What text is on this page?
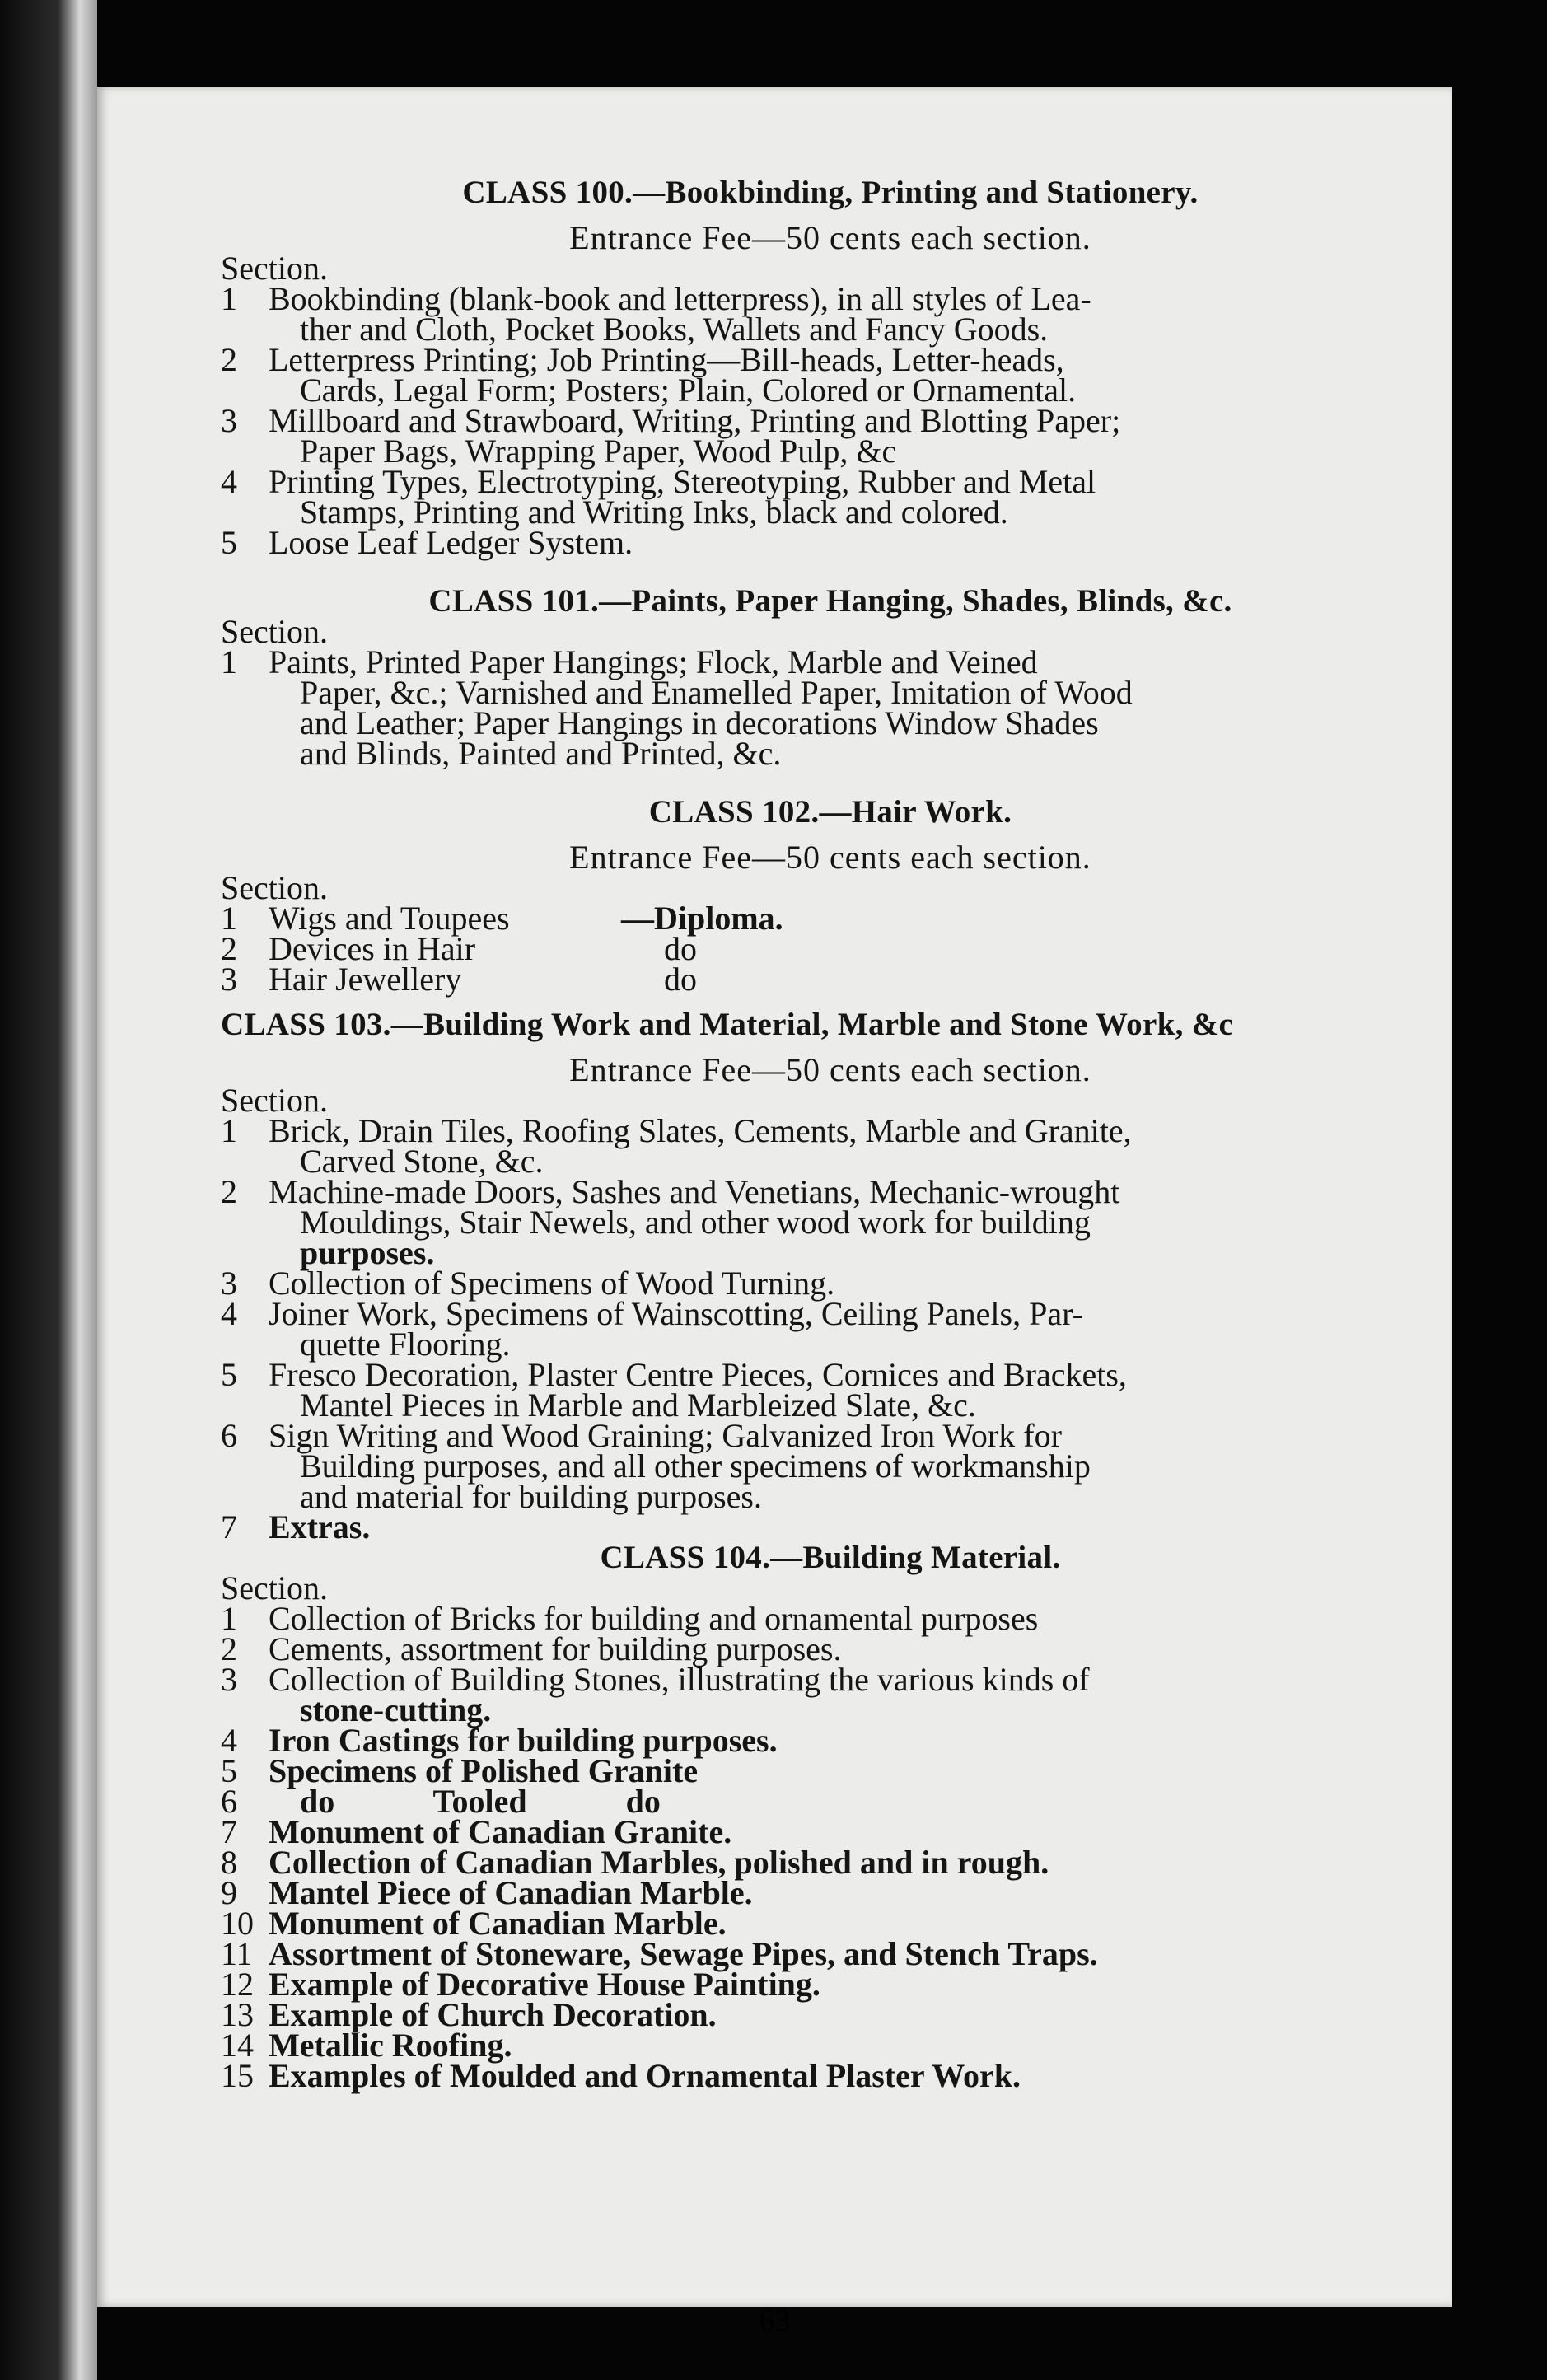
CLASS 100.—Bookbinding, Printing and Stationery.
Entrance Fee—50 cents each section.
Section.
1 Bookbinding (blank-book and letterpress), in all styles of Lea-
ther and Cloth, Pocket Books, Wallets and Fancy Goods.
2 Letterpress Printing; Job Printing—Bill-heads, Letter-heads,
Cards, Legal Form; Posters; Plain, Colored or Ornamental.
3 Millboard and Strawboard, Writing, Printing and Blotting Paper;
Paper Bags, Wrapping Paper, Wood Pulp, &c
4 Printing Types, Electrotyping, Stereotyping, Rubber and Metal
Stamps, Printing and Writing Inks, black and colored.
5 Loose Leaf Ledger System.
CLASS 101.—Paints, Paper Hanging, Shades, Blinds, &c.
Section.
1 Paints, Printed Paper Hangings; Flock, Marble and Veined
Paper, &c.; Varnished and Enamelled Paper, Imitation of Wood
and Leather; Paper Hangings in decorations Window Shades
and Blinds, Painted and Printed, &c.
CLASS 102.—Hair Work.
Entrance Fee—50 cents each section.
Section.
1 Wigs and Toupees	—Diploma.
2 Devices in Hair	do
3 Hair Jewellery	do
CLASS 103.—Building Work and Material, Marble and Stone Work, &c
Entrance Fee—50 cents each section.
Section.
1 Brick, Drain Tiles, Roofing Slates, Cements, Marble and Granite,
Carved Stone, &c.
2 Machine-made Doors, Sashes and Venetians, Mechanic-wrought
Mouldings, Stair Newels, and other wood work for building
purposes.
3 Collection of Specimens of Wood Turning.
4 Joiner Work, Specimens of Wainscotting, Ceiling Panels, Par-
quette Flooring.
5 Fresco Decoration, Plaster Centre Pieces, Cornices and Brackets,
Mantel Pieces in Marble and Marbleized Slate, &c.
6 Sign Writing and Wood Graining; Galvanized Iron Work for
Building purposes, and all other specimens of workmanship
and material for building purposes.
7 Extras.
CLASS 104.—Building Material.
Section.
1 Collection of Bricks for building and ornamental purposes
2 Cements, assortment for building purposes.
3 Collection of Building Stones, illustrating the various kinds of
stone-cutting.
4 Iron Castings for building purposes.
5 Specimens of Polished Granite
6	do Tooled do
7 Monument of Canadian Granite.
8 Collection of Canadian Marbles, polished and in rough.
9 Mantel Piece of Canadian Marble.
10 Monument of Canadian Marble.
11 Assortment of Stoneware, Sewage Pipes, and Stench Traps.
12 Example of Decorative House Painting.
13 Example of Church Decoration.
14 Metallic Roofing.
15 Examples of Moulded and Ornamental Plaster Work.
63
